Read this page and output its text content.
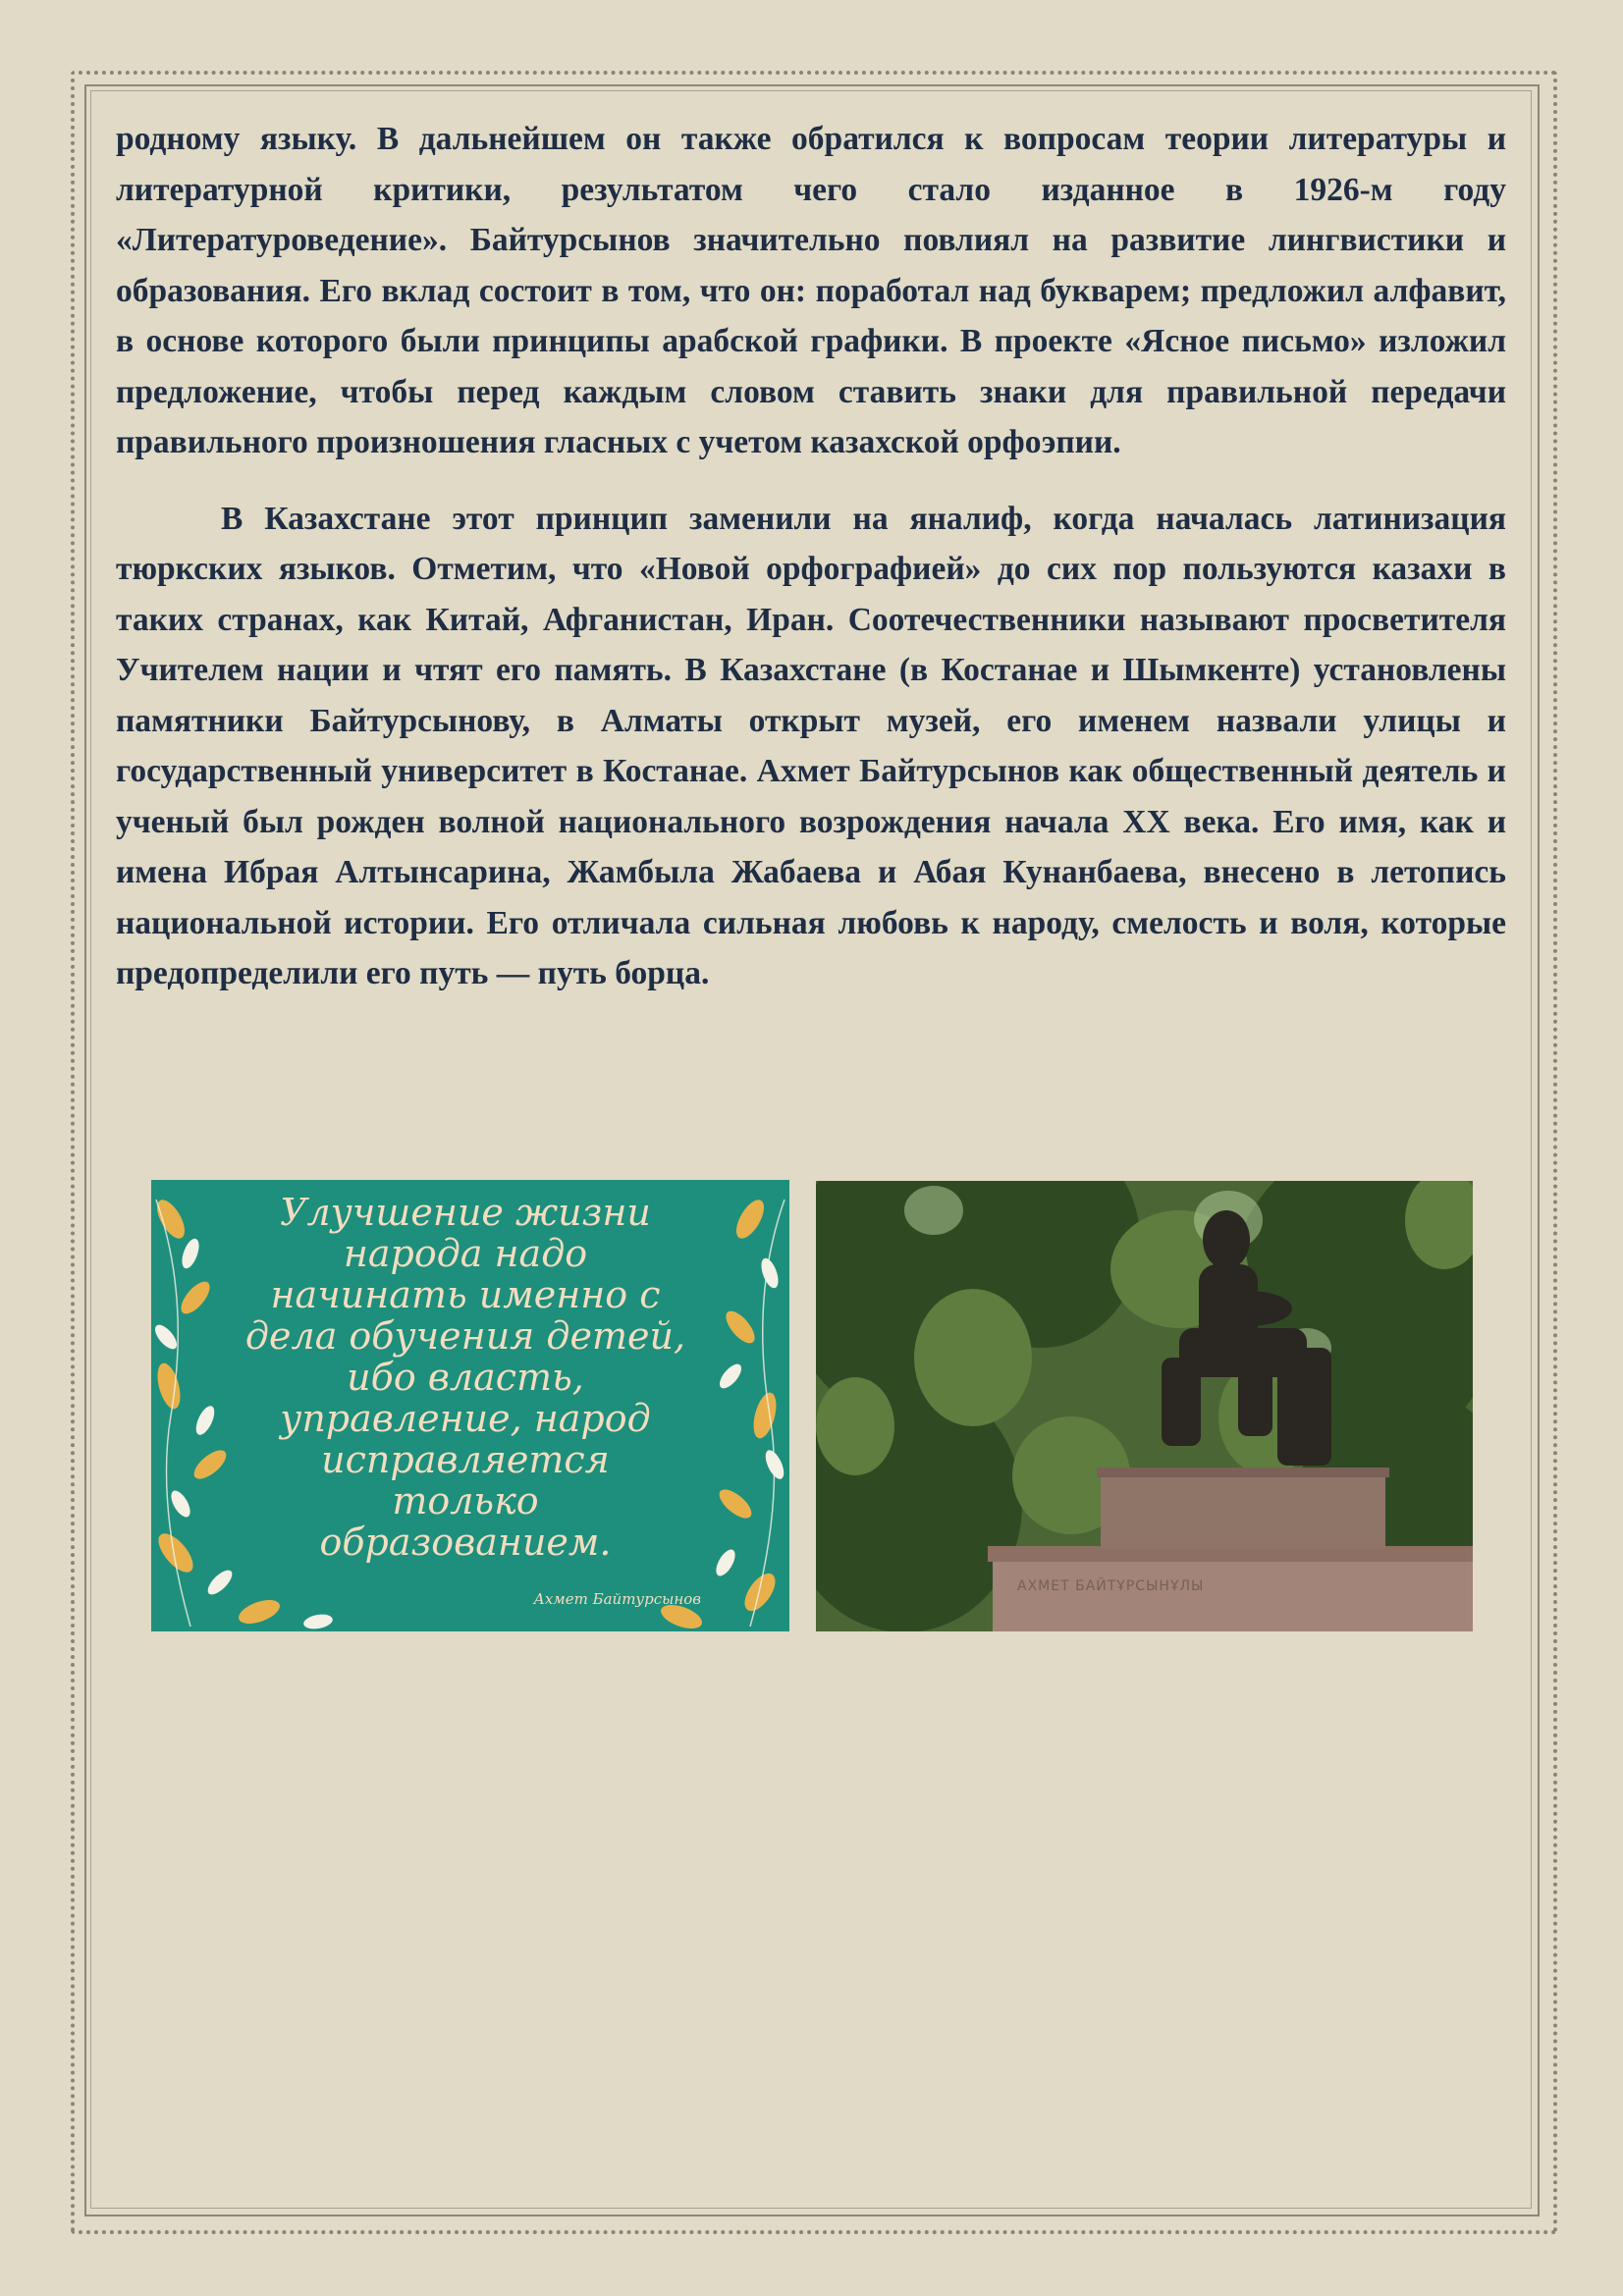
родному языку. В дальнейшем он также обратился к вопросам теории литературы и литературной критики, результатом чего стало изданное в 1926-м году «Литературоведение». Байтурсынов значительно повлиял на развитие лингвистики и образования. Его вклад состоит в том, что он: поработал над букварем; предложил алфавит, в основе которого были принципы арабской графики. В проекте «Ясное письмо» изложил предложение, чтобы перед каждым словом ставить знаки для правильной передачи правильного произношения гласных с учетом казахской орфоэпии.

В Казахстане этот принцип заменили на яналиф, когда началась латинизация тюркских языков. Отметим, что «Новой орфографией» до сих пор пользуются казахи в таких странах, как Китай, Афганистан, Иран. Соотечественники называют просветителя Учителем нации и чтят его память. В Казахстане (в Костанае и Шымкенте) установлены памятники Байтурсынову, в Алматы открыт музей, его именем назвали улицы и государственный университет в Костанае. Ахмет Байтурсынов как общественный деятель и ученый был рожден волной национального возрождения начала XX века. Его имя, как и имена Ибрая Алтынсарина, Жамбыла Жабаева и Абая Кунанбаева, внесено в летопись национальной истории. Его отличала сильная любовь к народу, смелость и воля, которые предопределили его путь — путь борца.

Улучшение жизни
народа надо
начинать именно с
дела обучения детей,
ибо власть,
управление, народ
исправляется
только
образованием.
Ахмет Байтурсынов
АХМЕТ БАЙТҰРСЫНҰЛЫ
